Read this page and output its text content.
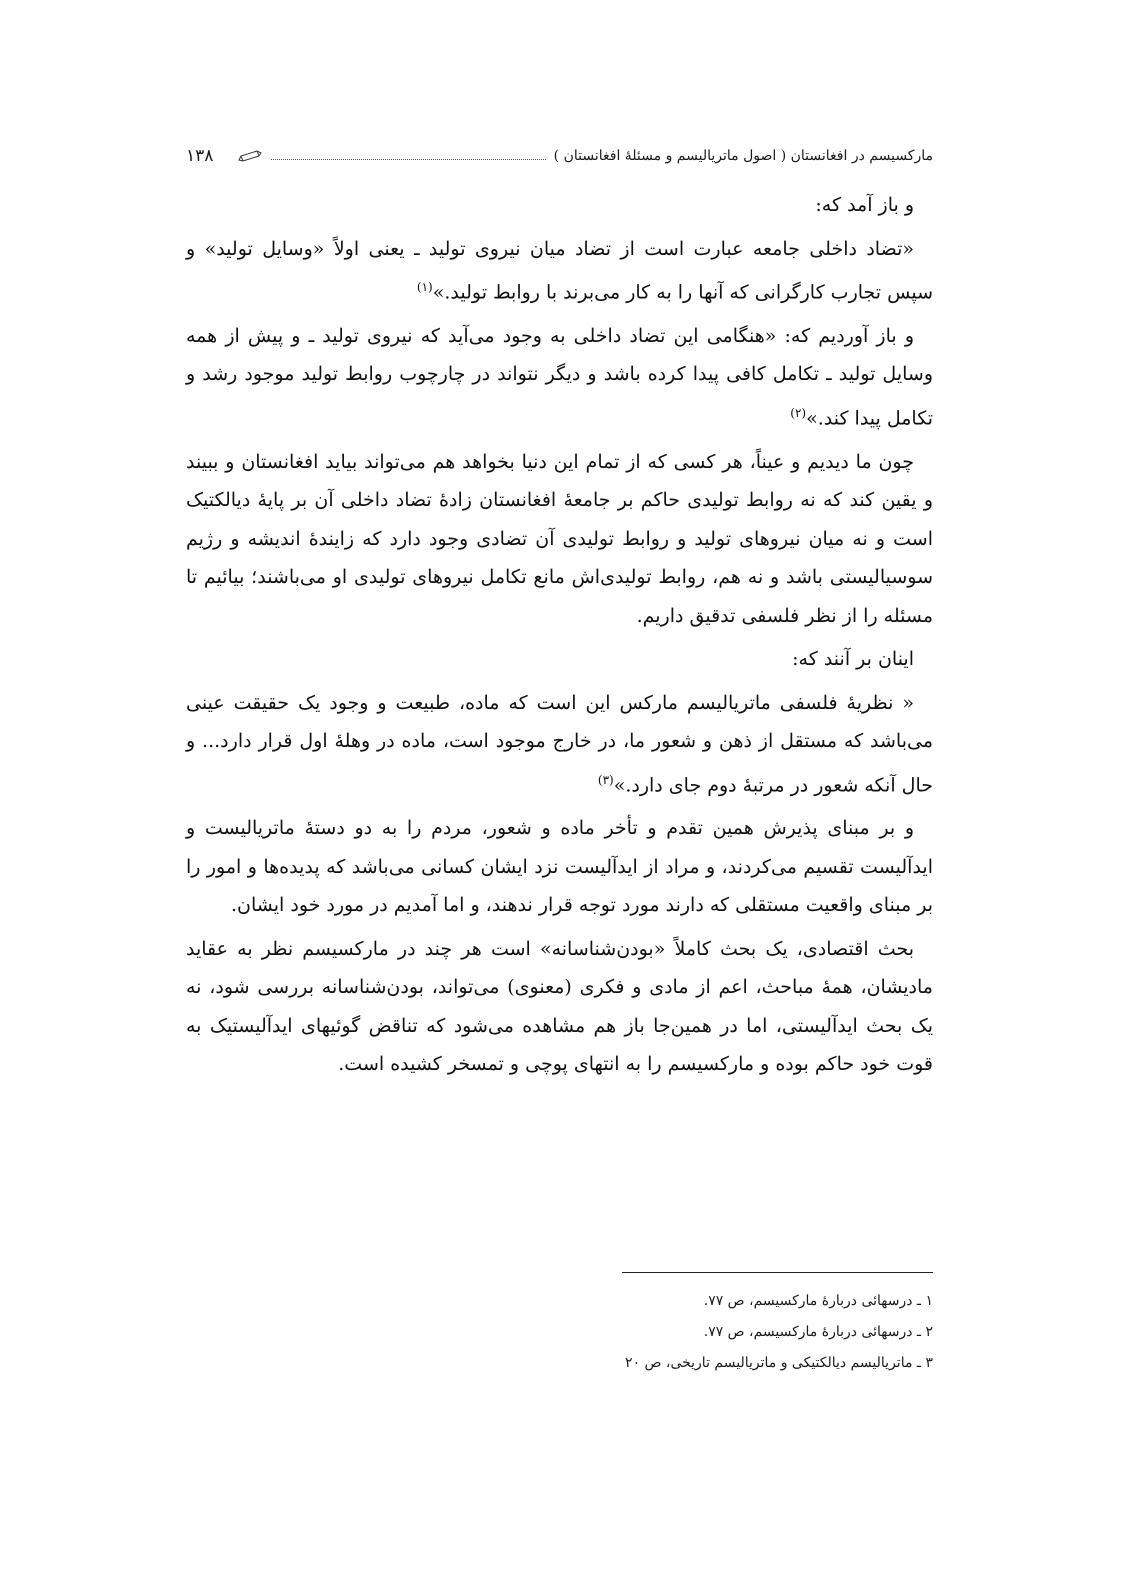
مارکسیسم در افغانستان ( اصول ماتریالیسم و مسئلۀ افغانستان )
۱۳۸

و باز آمد که:

«تضاد داخلی جامعه عبارت است از تضاد میان نیروی تولید ـ یعنی اولاً «وسایل تولید» و سپس تجارب کارگرانی که آنها را به کار می‌برند با روابط تولید.»$^{(۱)}$

و باز آوردیم که: «هنگامی این تضاد داخلی به وجود می‌آید که نیروی تولید ـ و پیش از همه وسایل تولید ـ تکامل کافی پیدا کرده باشد و دیگر نتواند در چارچوب روابط تولید موجود رشد و تکامل پیدا کند.»$^{(۲)}$

چون ما دیدیم و عیناً، هر کسی که از تمام این دنیا بخواهد هم می‌تواند بیاید افغانستان و ببیند و یقین کند که نه روابط تولیدی حاکم بر جامعۀ افغانستان زادۀ تضاد داخلی آن بر پایۀ دیالکتیک است و نه میان نیروهای تولید و روابط تولیدی آن تضادی وجود دارد که زایندۀ اندیشه و رژیم سوسیالیستی باشد و نه هم، روابط تولیدی‌اش مانع تکامل نیروهای تولیدی او می‌باشند؛ بیائیم تا مسئله را از نظر فلسفی تدقیق داریم.

اینان بر آنند که:

« نظریۀ فلسفی ماتریالیسم مارکس این است که ماده، طبیعت و وجود یک حقیقت عینی می‌باشد که مستقل از ذهن و شعور ما، در خارج موجود است، ماده در وهلۀ اول قرار دارد... و حال آنکه شعور در مرتبۀ دوم جای دارد.»$^{(۳)}$

و بر مبنای پذیرش همین تقدم و تأخر ماده و شعور، مردم را به دو دستۀ ماتریالیست و ایدآلیست تقسیم می‌کردند، و مراد از ایدآلیست نزد ایشان کسانی می‌باشد که پدیده‌ها و امور را بر مبنای واقعیت مستقلی که دارند مورد توجه قرار ندهند، و اما آمدیم در مورد خود ایشان.

بحث اقتصادی، یک بحث کاملاً «بودن‌شناسانه» است هر چند در مارکسیسم نظر به عقاید مادیشان، همۀ مباحث، اعم از مادی و فکری (معنوی) می‌تواند، بودن‌شناسانه بررسی شود، نه یک بحث ایدآلیستی، اما در همین‌جا باز هم مشاهده می‌شود که تناقض گوئیهای ایدآلیستیک به قوت خود حاکم بوده و مارکسیسم را به انتهای پوچی و تمسخر کشیده است.

۱ ـ درسهائی دربارۀ مارکسیسم، ص ۷۷.
۲ ـ درسهائی دربارۀ مارکسیسم، ص ۷۷.
۳ ـ ماتریالیسم دیالکتیکی و ماتریالیسم تاریخی، ص ۲۰
